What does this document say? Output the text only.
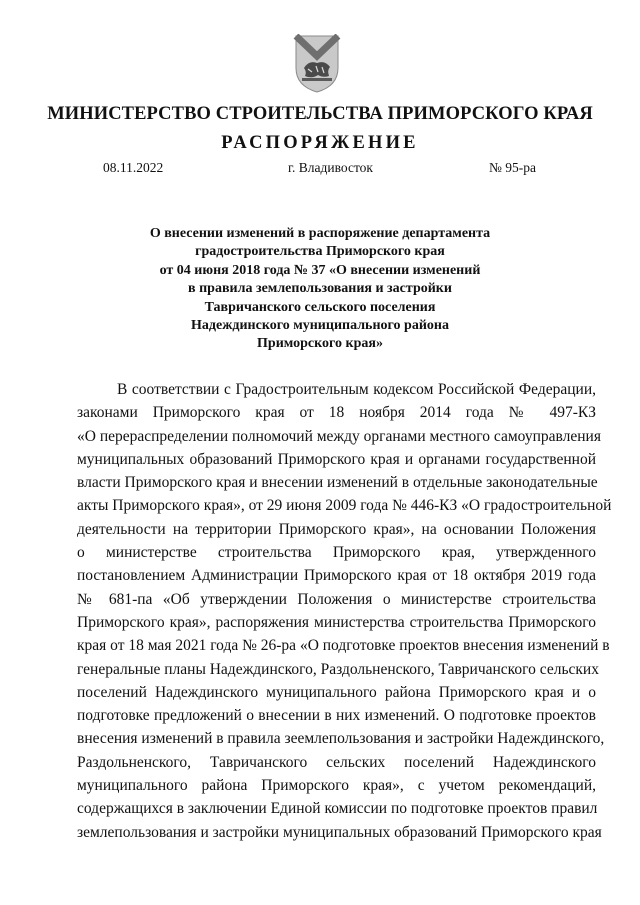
МИНИСТЕРСТВО СТРОИТЕЛЬСТВА ПРИМОРСКОГО КРАЯ
РАСПОРЯЖЕНИЕ
08.11.2022	г. Владивосток	№ 95-ра
О внесении изменений в распоряжение департамента
градостроительства Приморского края
от 04 июня 2018 года № 37 «О внесении изменений
в правила землепользования и застройки
Тавричанского сельского поселения
Надеждинского муниципального района
Приморского края»
В соответствии с Градостроительным кодексом Российской Федерации,
законами Приморского края от 18 ноября 2014 года № 497-КЗ
«О перераспределении полномочий между органами местного самоуправления
муниципальных образований Приморского края и органами государственной
власти Приморского края и внесении изменений в отдельные законодательные
акты Приморского края», от 29 июня 2009 года № 446-КЗ «О градостроительной
деятельности на территории Приморского края», на основании Положения
о министерстве строительства Приморского края, утвержденного
постановлением Администрации Приморского края от 18 октября 2019 года
№ 681-па «Об утверждении Положения о министерстве строительства
Приморского края», распоряжения министерства строительства Приморского
края от 18 мая 2021 года № 26-ра «О подготовке проектов внесения изменений в
генеральные планы Надеждинского, Раздольненского, Тавричанского сельских
поселений Надеждинского муниципального района Приморского края и о
подготовке предложений о внесении в них изменений. О подготовке проектов
внесения изменений в правила зеемлепользования и застройки Надеждинского,
Раздольненского, Тавричанского сельских поселений Надеждинского
муниципального района Приморского края», с учетом рекомендаций,
содержащихся в заключении Единой комиссии по подготовке проектов правил
землепользования и застройки муниципальных образований Приморского края
